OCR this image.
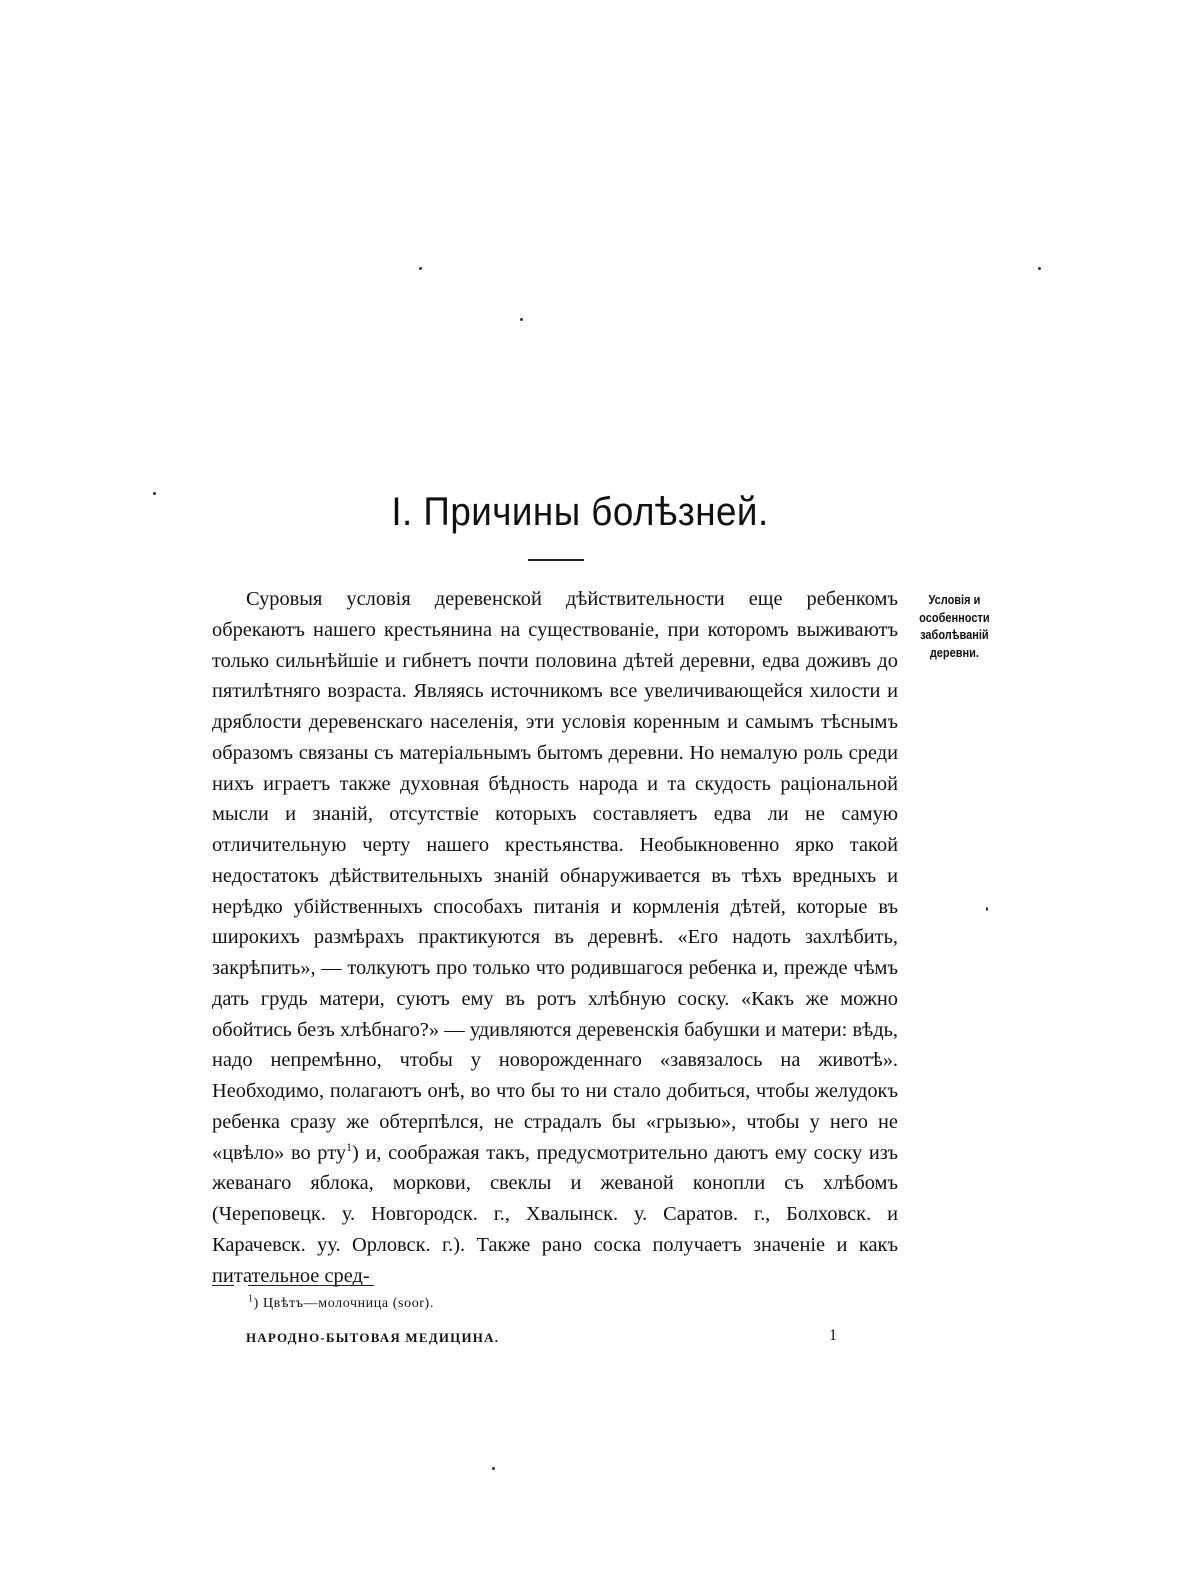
I. Причины болѣзней.
Условія и особенности заболѣваній деревни.

Суровыя условія деревенской дѣйствительности еще ребенкомъ обрекаютъ нашего крестьянина на существованіе, при которомъ выживаютъ только сильнѣйшіе и гибнетъ почти половина дѣтей деревни, едва доживъ до пятилѣтняго возраста. Являясь источникомъ все увеличивающейся хилости и дряблости деревенскаго населенія, эти условія коренным и самымъ тѣснымъ образомъ связаны съ матеріальнымъ бытомъ деревни. Но немалую роль среди нихъ играетъ также духовная бѣдность народа и та скудость раціональной мысли и знаній, отсутствіе которыхъ составляетъ едва ли не самую отличительную черту нашего крестьянства. Необыкновенно ярко такой недостатокъ дѣйствительныхъ знаній обнаруживается въ тѣхъ вредныхъ и нерѣдко убійственныхъ способахъ питанія и кормленія дѣтей, которые въ широкихъ размѣрахъ практикуются въ деревнѣ. «Его надоть захлѣбить, закрѣпить», — толкуютъ про только что родившагося ребенка и, прежде чѣмъ дать грудь матери, суютъ ему въ ротъ хлѣбную соску. «Какъ же можно обойтись безъ хлѣбнаго?» — удивляются деревенскія бабушки и матери: вѣдь, надо непремѣнно, чтобы у новорожденнаго «завязалось на животѣ». Необходимо, полагаютъ онѣ, во что бы то ни стало добиться, чтобы желудокъ ребенка сразу же обтерпѣлся, не страдалъ бы «грызью», чтобы у него не «цвѣло» во рту$^1$) и, соображая такъ, предусмотрительно даютъ ему соску изъ жеванаго яблока, моркови, свеклы и жеваной конопли съ хлѣбомъ (Череповецк. у. Новгородск. г., Хвалынск. у. Саратов. г., Болховск. и Карачевск. уу. Орловск. г.). Также рано соска получаетъ значеніе и какъ питательное сред-

$^1$) Цвѣтъ—молочница (soor).
НАРОДНО-БЫТОВАЯ МЕДИЦИНА.	1
